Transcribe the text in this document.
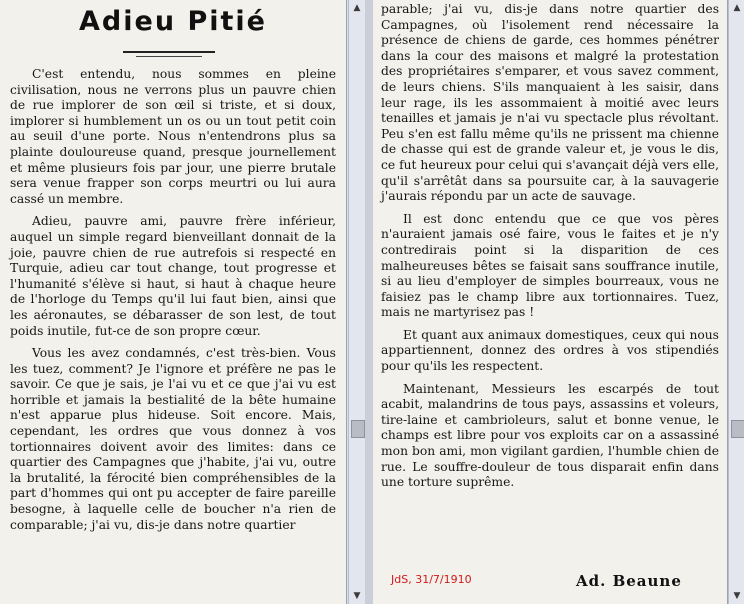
Adieu Pitié

C'est entendu, nous sommes en pleine civilisation, nous ne verrons plus un pauvre chien de rue implorer de son œil si triste, et si doux, implorer si humblement un os ou un tout petit coin au seuil d'une porte. Nous n'entendrons plus sa plainte douloureuse quand, presque journellement et même plusieurs fois par jour, une pierre brutale sera venue frapper son corps meurtri ou lui aura cassé un membre.

Adieu, pauvre ami, pauvre frère inférieur, auquel un simple regard bienveillant donnait de la joie, pauvre chien de rue autrefois si respecté en Turquie, adieu car tout change, tout progresse et l'humanité s'élève si haut, si haut à chaque heure de l'horloge du Temps qu'il lui faut bien, ainsi que les aéronautes, se débarasser de son lest, de tout poids inutile, fut-ce de son propre cœur.

Vous les avez condamnés, c'est très-bien. Vous les tuez, comment? Je l'ignore et préfère ne pas le savoir. Ce que je sais, je l'ai vu et ce que j'ai vu est horrible et jamais la bestialité de la bête humaine n'est apparue plus hideuse. Soit encore. Mais, cependant, les ordres que vous donnez à vos tortionnaires doivent avoir des limites: dans ce quartier des Campagnes que j'habite, j'ai vu, outre la brutalité, la férocité bien compréhensibles de la part d'hommes qui ont pu accepter de faire pareille besogne, à laquelle celle de boucher n'a rien de comparable; j'ai vu, dis-je dans notre quartier

▲
▼

parable; j'ai vu, dis-je dans notre quartier des Campagnes, où l'isolement rend nécessaire la présence de chiens de garde, ces hommes pénétrer dans la cour des maisons et malgré la protestation des propriétaires s'emparer, et vous savez comment, de leurs chiens. S'ils manquaient à les saisir, dans leur rage, ils les assommaient à moitié avec leurs tenailles et jamais je n'ai vu spectacle plus révoltant. Peu s'en est fallu même qu'ils ne prissent ma chienne de chasse qui est de grande valeur et, je vous le dis, ce fut heureux pour celui qui s'avançait déjà vers elle, qu'il s'arrêtât dans sa poursuite car, à la sauvagerie j'aurais répondu par un acte de sauvage.

Il est donc entendu que ce que vos pères n'auraient jamais osé faire, vous le faites et je n'y contredirais point si la disparition de ces malheureuses bêtes se faisait sans souffrance inutile, si au lieu d'employer de simples bourreaux, vous ne faisiez pas le champ libre aux tortionnaires. Tuez, mais ne martyrisez pas !

Et quant aux animaux domestiques, ceux qui nous appartiennent, donnez des ordres à vos stipendiés pour qu'ils les respectent.

Maintenant, Messieurs les escarpés de tout acabit, malandrins de tous pays, assassins et voleurs, tire-laine et cambrioleurs, salut et bonne venue, le champs est libre pour vos exploits car on a assassiné mon bon ami, mon vigilant gardien, l'humble chien de rue. Le souffre-douleur de tous disparait enfin dans une torture suprême.

JdS, 31/7/1910	Ad. Beaune
▲
▼
